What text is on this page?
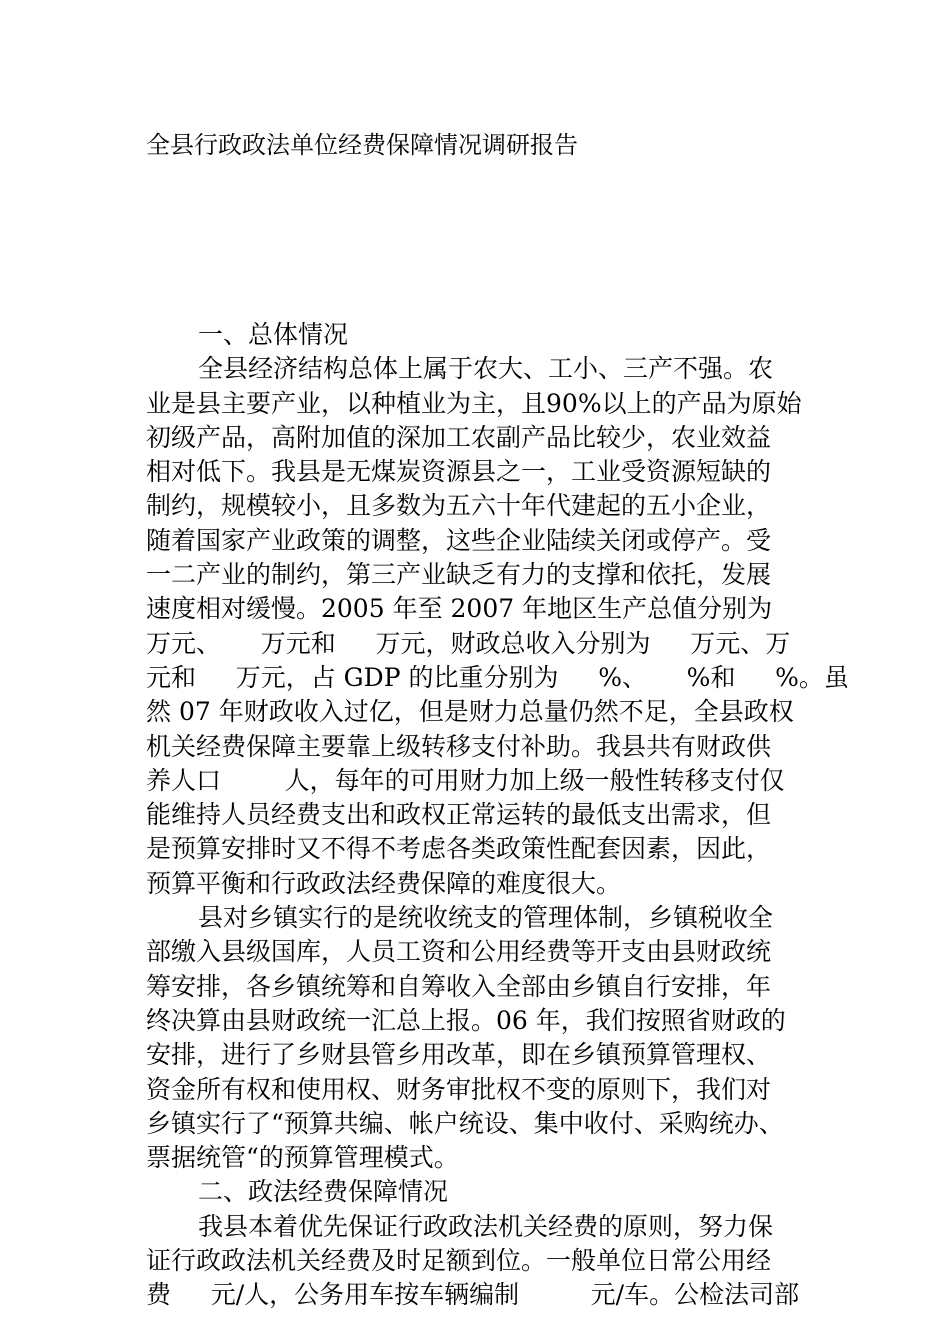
全县行政政法单位经费保障情况调研报告
一、总体情况
全县经济结构总体上属于农大、工小、三产不强。农
业是县主要产业，以种植业为主，且90%以上的产品为原始
初级产品，高附加值的深加工农副产品比较少，农业效益
相对低下。我县是无煤炭资源县之一，工业受资源短缺的
制约，规模较小，且多数为五六十年代建起的五小企业，
随着国家产业政策的调整，这些企业陆续关闭或停产。受
一二产业的制约，第三产业缺乏有力的支撑和依托，发展
速度相对缓慢。2005 年至 2007 年地区生产总值分别为
万元、     万元和     万元，财政总收入分别为     万元、万
元和     万元，占 GDP 的比重分别为     %、     %和     %。虽
然 07 年财政收入过亿，但是财力总量仍然不足，全县政权
机关经费保障主要靠上级转移支付补助。我县共有财政供
养人口        人，每年的可用财力加上级一般性转移支付仅
能维持人员经费支出和政权正常运转的最低支出需求，但
是预算安排时又不得不考虑各类政策性配套因素，因此，
预算平衡和行政政法经费保障的难度很大。
县对乡镇实行的是统收统支的管理体制，乡镇税收全
部缴入县级国库，人员工资和公用经费等开支由县财政统
筹安排，各乡镇统筹和自筹收入全部由乡镇自行安排，年
终决算由县财政统一汇总上报。06 年，我们按照省财政的
安排，进行了乡财县管乡用改革，即在乡镇预算管理权、
资金所有权和使用权、财务审批权不变的原则下，我们对
乡镇实行了“预算共编、帐户统设、集中收付、采购统办、
票据统管“的预算管理模式。
二、政法经费保障情况
我县本着优先保证行政政法机关经费的原则，努力保
证行政政法机关经费及时足额到位。一般单位日常公用经
费     元/人，公务用车按车辆编制         元/车。公检法司部
